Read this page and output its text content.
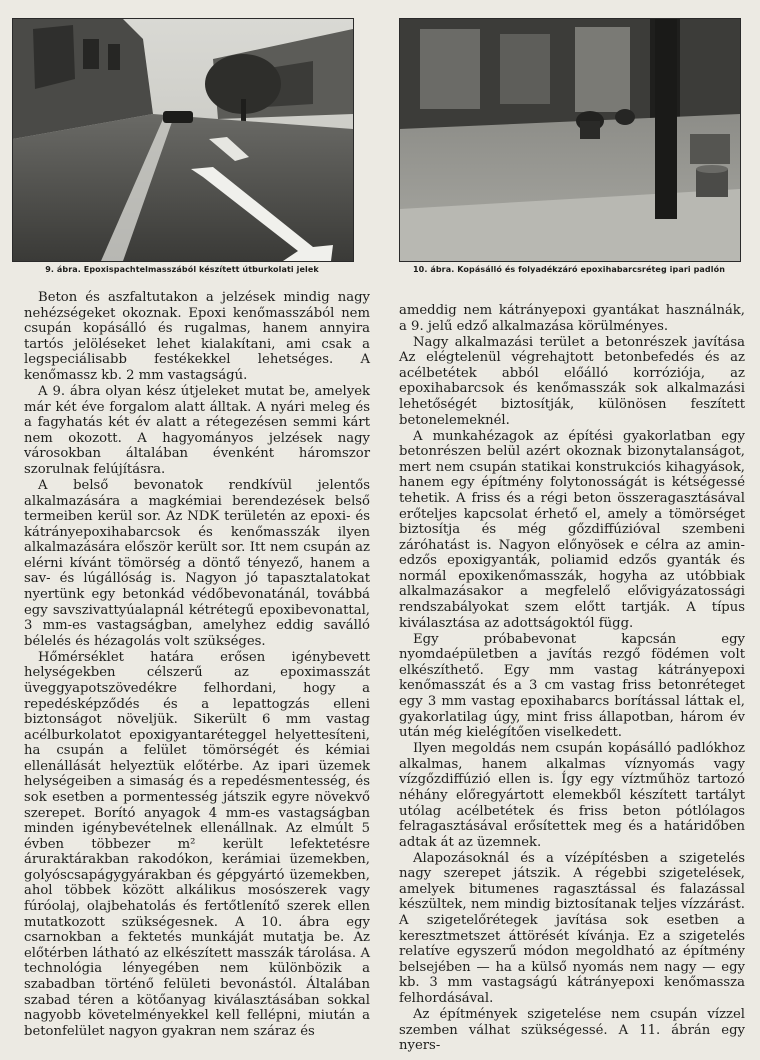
9. ábra. Epoxispachtelmasszából készített útburkolati jelek	10. ábra. Kopásálló és folyadékzáró epoxihabarcsréteg ipari padlón

Beton és aszfaltutakon a jelzések mindig nagy nehézségeket okoznak. Epoxi kenőmasszából nem csupán kopásálló és rugalmas, hanem annyira tartós jelöléseket lehet kialakítani, ami csak a legspeciálisabb festékekkel lehetséges. A kenőmassz kb. 2 mm vastagságú.

A 9. ábra olyan kész útjeleket mutat be, amelyek már két éve forgalom alatt álltak. A nyári meleg és a fagyhatás két év alatt a rétegezésen semmi kárt nem okozott. A hagyományos jelzések nagy városokban általában évenként háromszor szorulnak felújításra.

A belső bevonatok rendkívül jelentős alkalmazására a magkémiai berendezések belső termeiben kerül sor. Az NDK területén az epoxi- és kátrányepoxihabarcsok és kenőmasszák ilyen alkalmazására először került sor. Itt nem csupán az elérni kívánt tömörség a döntő tényező, hanem a sav- és lúgállóság is. Nagyon jó tapasztalatokat nyertünk egy betonkád védőbevonatánál, továbbá egy savszivattyúalapnál kétrétegű epoxibevonattal, 3 mm-es vastagságban, amelyhez eddig saválló bélelés és hézagolás volt szükséges.

Hőmérséklet határa erősen igénybevett helységekben célszerű az epoximasszát üveggyapotszövedékre felhordani, hogy a repedésképződés és a lepattogzás elleni biztonságot növeljük. Sikerült 6 mm vastag acélburkolatot epoxigyantaréteggel helyettesíteni, ha csupán a felület tömörségét és kémiai ellenállását helyeztük előtérbe. Az ipari üzemek helységeiben a simaság és a repedésmentesség, és sok esetben a pormentesség játszik egyre növekvő szerepet. Borító anyagok 4 mm-es vastagságban minden igénybevételnek ellenállnak. Az elmúlt 5 évben többezer m² került lefektetésre áruraktárakban rakodókon, kerámiai üzemekben, golyóscsapágygyárakban és gépgyártó üzemekben, ahol többek között alkálikus mosószerek vagy fúróolaj, olajbehatolás és fertőtlenítő szerek ellen mutatkozott szükségesnek. A 10. ábra egy csarnokban a fektetés munkáját mutatja be. Az előtérben látható az elkészített masszák tárolása. A technológia lényegében nem különbözik a szabadban történő felületi bevonástól. Általában szabad téren a kötőanyag kiválasztásában sokkal nagyobb követelményekkel kell fellépni, miután a betonfelület nagyon gyakran nem száraz és

ameddig nem kátrányepoxi gyantákat használnák, a 9. jelű edző alkalmazása körülményes.

Nagy alkalmazási terület a betonrészek javítása Az elégtelenül végrehajtott betonbefedés és az acélbetétek abból előálló korróziója, az epoxihabarcsok és kenőmasszák sok alkalmazási lehetőségét biztosítják, különösen feszített betonelemeknél.

A munkahézagok az építési gyakorlatban egy betonrészen belül azért okoznak bizonytalanságot, mert nem csupán statikai konstrukciós kihagyások, hanem egy építmény folytonosságát is kétségessé tehetik. A friss és a régi beton összeragasztásával erőteljes kapcsolat érhető el, amely a tömörséget biztosítja és még gőzdiffúzióval szembeni záróhatást is. Nagyon előnyösek e célra az amin-edzős epoxigyanták, poliamid edzős gyanták és normál epoxikenőmasszák, hogyha az utóbbiak alkalmazásakor a megfelelő elővigyázatossági rendszabályokat szem előtt tartják. A típus kiválasztása az adottságoktól függ.

Egy próbabevonat kapcsán egy nyomdaépületben a javítás rezgő födémen volt elkészíthető. Egy mm vastag kátrányepoxi kenőmasszát és a 3 cm vastag friss betonréteget egy 3 mm vastag epoxihabarcs borítással láttak el, gyakorlatilag úgy, mint friss állapotban, három év után még kielégítően viselkedett.

Ilyen megoldás nem csupán kopásálló padlókhoz alkalmas, hanem alkalmas víznyomás vagy vízgőzdiffúzió ellen is. Így egy víztműhöz tartozó néhány előregyártott elemekből készített tartályt utólag acélbetétek és friss beton pótlólagos felragasztásával erősítettek meg és a határidőben adtak át az üzemnek.

Alapozásoknál és a vízépítésben a szigetelés nagy szerepet játszik. A régebbi szigetelések, amelyek bitumenes ragasztással és falazással készültek, nem mindig biztosítanak teljes vízzárást. A szigetelőrétegek javítása sok esetben a keresztmetszet áttörését kívánja. Ez a szigetelés relatíve egyszerű módon megoldható az építmény belsejében — ha a külső nyomás nem nagy — egy kb. 3 mm vastagságú kátrányepoxi kenőmassza felhordásával.

Az építmények szigetelése nem csupán vízzel szemben válhat szükségessé. A 11. ábrán egy nyers-
